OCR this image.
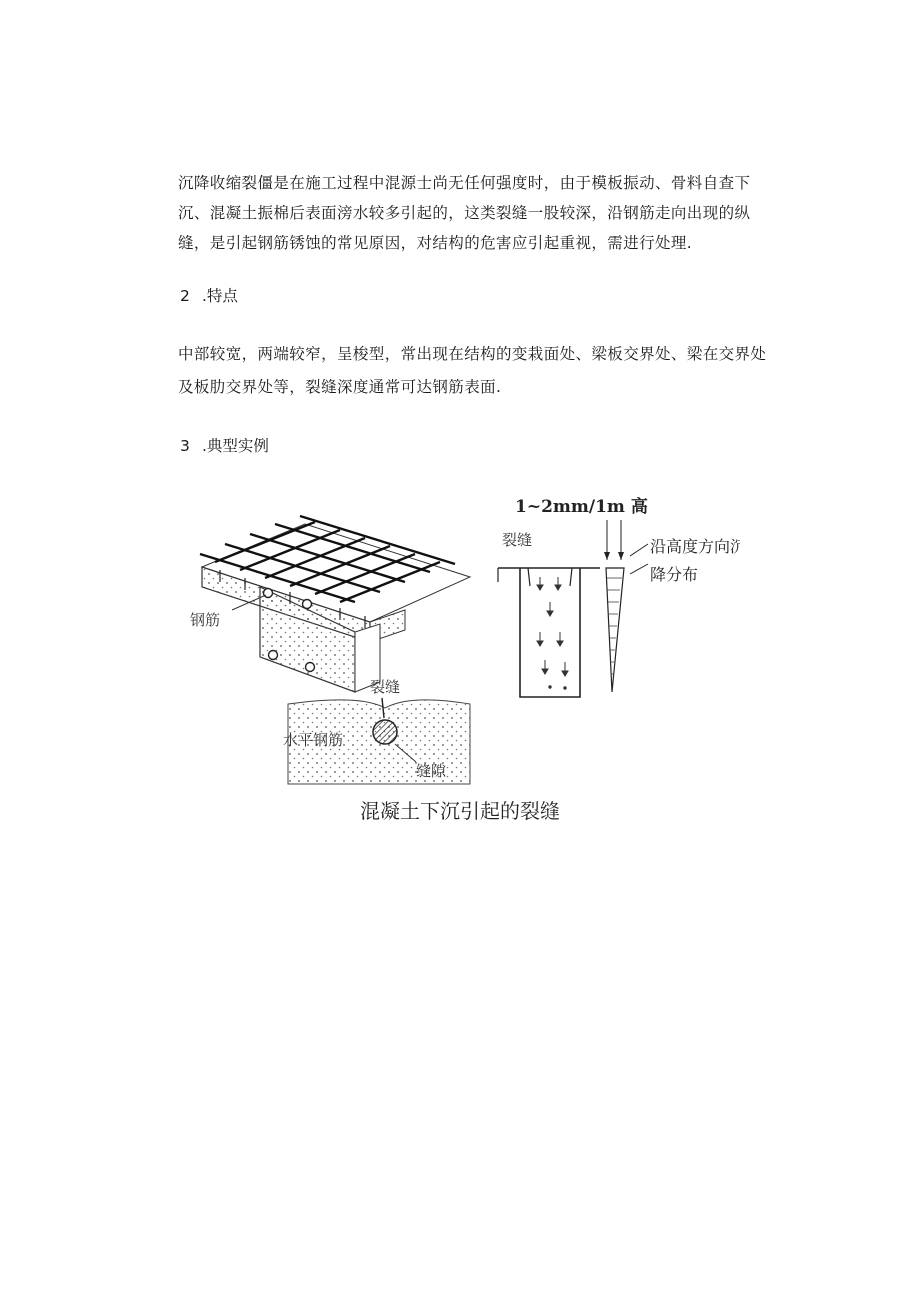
沉降收缩裂僵是在施工过程中混源士尚无任何强度时，由于模板振动、骨料自查下
沉、混凝土振棉后表面滂水较多引起的，这类裂缝一股较深，沿钢筋走向出现的纵
缝，是引起钢筋锈蚀的常见原因，对结构的危害应引起重视，需进行处理.

2 .特点

中部较宽，两端较窄，呈梭型，常出现在结构的变栽面处、梁板交界处、梁在交界处
及板肋交界处等，裂缝深度通常可达钢筋表面.

3 .典型实例

钢筋
裂缝
水平钢筋
缝隙
1~2mm/1m 高
裂缝	沿高度方向沉
降分布

混凝土下沉引起的裂缝
